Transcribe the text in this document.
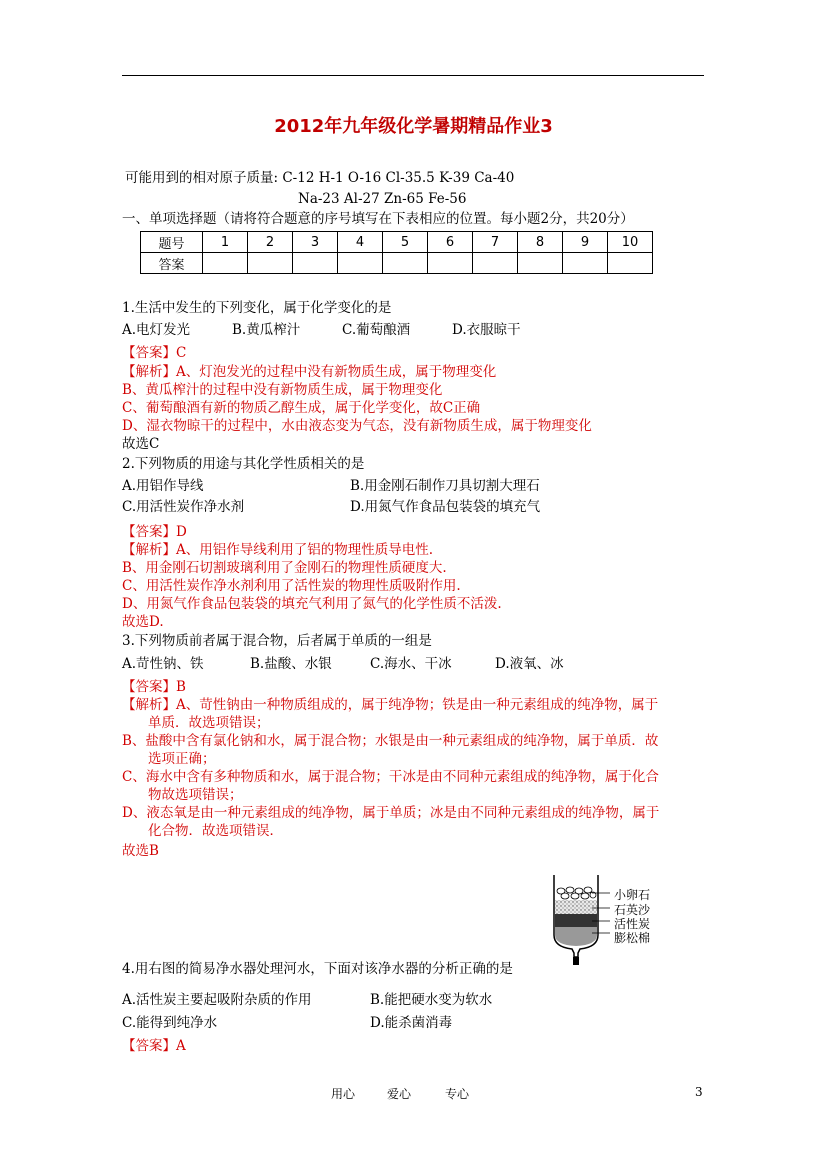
2012年九年级化学暑期精品作业3
可能用到的相对原子质量: C-12 H-1 O-16 Cl-35.5 K-39 Ca-40
Na-23 Al-27 Zn-65 Fe-56
一、单项选择题（请将符合题意的序号填写在下表相应的位置。每小题2分，共20分）
题号	1	2	3	4	5	6	7	8	9	10
答案										
1.生活中发生的下列变化，属于化学变化的是
A.电灯发光	B.黄瓜榨汁	C.葡萄酿酒	D.衣服晾干
【答案】C
【解析】A、灯泡发光的过程中没有新物质生成，属于物理变化
B、黄瓜榨汁的过程中没有新物质生成，属于物理变化
C、葡萄酿酒有新的物质乙醇生成，属于化学变化，故C正确
D、湿衣物晾干的过程中，水由液态变为气态，没有新物质生成，属于物理变化
故选C
2.下列物质的用途与其化学性质相关的是
A.用铝作导线	B.用金刚石制作刀具切割大理石
C.用活性炭作净水剂	D.用氮气作食品包装袋的填充气
【答案】D
【解析】A、用铝作导线利用了铝的物理性质导电性.
B、用金刚石切割玻璃利用了金刚石的物理性质硬度大.
C、用活性炭作净水剂利用了活性炭的物理性质吸附作用.
D、用氮气作食品包装袋的填充气利用了氮气的化学性质不活泼.
故选D.
3.下列物质前者属于混合物，后者属于单质的一组是
A.苛性钠、铁	B.盐酸、水银	C.海水、干冰	D.液氧、冰
【答案】B
【解析】A、苛性钠由一种物质组成的，属于纯净物；铁是由一种元素组成的纯净物，属于
单质．故选项错误；
B、盐酸中含有氯化钠和水，属于混合物；水银是由一种元素组成的纯净物，属于单质．故
选项正确；
C、海水中含有多种物质和水，属于混合物；干冰是由不同种元素组成的纯净物，属于化合
物故选项错误；
D、液态氧是由一种元素组成的纯净物，属于单质；冰是由不同种元素组成的纯净物，属于
化合物．故选项错误．
故选B
小卵石
石英沙
活性炭
膨松棉
4.用右图的简易净水器处理河水，下面对该净水器的分析正确的是
A.活性炭主要起吸附杂质的作用	B.能把硬水变为软水
C.能得到纯净水	D.能杀菌消毒
【答案】A
用心	爱心	专心	3
